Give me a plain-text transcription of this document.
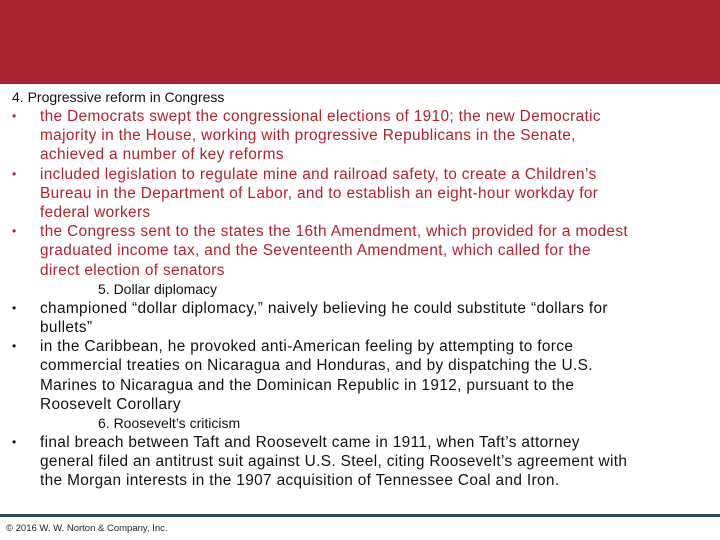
4. Progressive reform in Congress
• the Democrats swept the congressional elections of 1910; the new Democratic
majority in the House, working with progressive Republicans in the Senate,
achieved a number of key reforms
• included legislation to regulate mine and railroad safety, to create a Children’s
Bureau in the Department of Labor, and to establish an eight-hour workday for
federal workers
• the Congress sent to the states the 16th Amendment, which provided for a modest
graduated income tax, and the Seventeenth Amendment, which called for the
direct election of senators
5. Dollar diplomacy
• championed “dollar diplomacy,” naively believing he could substitute “dollars for
bullets”
• in the Caribbean, he provoked anti-American feeling by attempting to force
commercial treaties on Nicaragua and Honduras, and by dispatching the U.S.
Marines to Nicaragua and the Dominican Republic in 1912, pursuant to the
Roosevelt Corollary
6. Roosevelt’s criticism
• final breach between Taft and Roosevelt came in 1911, when Taft’s attorney
general filed an antitrust suit against U.S. Steel, citing Roosevelt’s agreement with
the Morgan interests in the 1907 acquisition of Tennessee Coal and Iron.
© 2016 W. W. Norton & Company, Inc.
